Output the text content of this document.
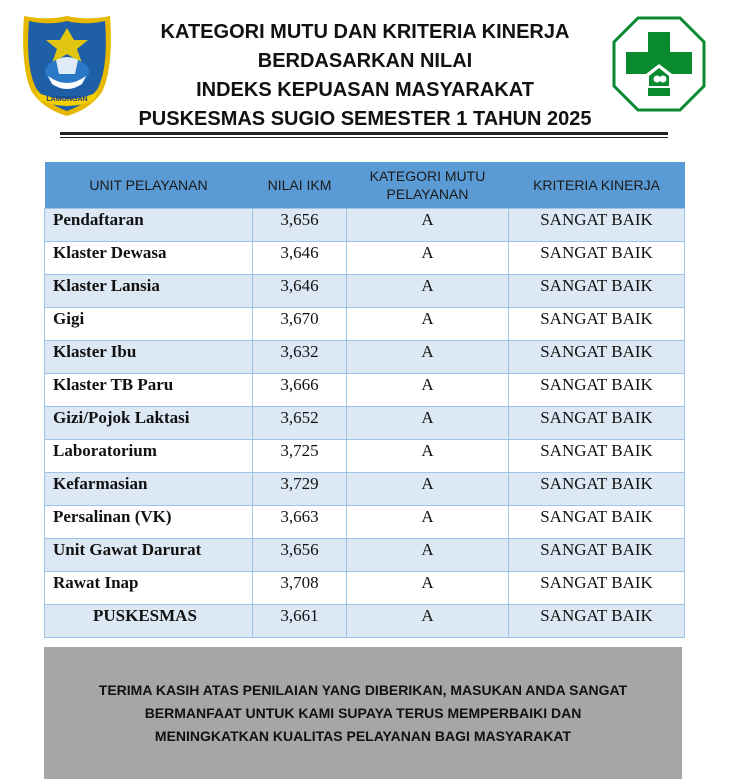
LAMONGAN
KATEGORI MUTU DAN KRITERIA KINERJA
BERDASARKAN NILAI
INDEKS KEPUASAN MASYARAKAT
PUSKESMAS SUGIO SEMESTER 1 TAHUN 2025
UNIT PELAYANAN	NILAI IKM	KATEGORI MUTU PELAYANAN	KRITERIA KINERJA
Pendaftaran	3,656	A	SANGAT BAIK
Klaster Dewasa	3,646	A	SANGAT BAIK
Klaster Lansia	3,646	A	SANGAT BAIK
Gigi	3,670	A	SANGAT BAIK
Klaster Ibu	3,632	A	SANGAT BAIK
Klaster TB Paru	3,666	A	SANGAT BAIK
Gizi/Pojok Laktasi	3,652	A	SANGAT BAIK
Laboratorium	3,725	A	SANGAT BAIK
Kefarmasian	3,729	A	SANGAT BAIK
Persalinan (VK)	3,663	A	SANGAT BAIK
Unit Gawat Darurat	3,656	A	SANGAT BAIK
Rawat Inap	3,708	A	SANGAT BAIK
PUSKESMAS	3,661	A	SANGAT BAIK
TERIMA KASIH ATAS PENILAIAN YANG DIBERIKAN, MASUKAN ANDA SANGAT
BERMANFAAT UNTUK KAMI SUPAYA TERUS MEMPERBAIKI DAN
MENINGKATKAN KUALITAS PELAYANAN BAGI MASYARAKAT
